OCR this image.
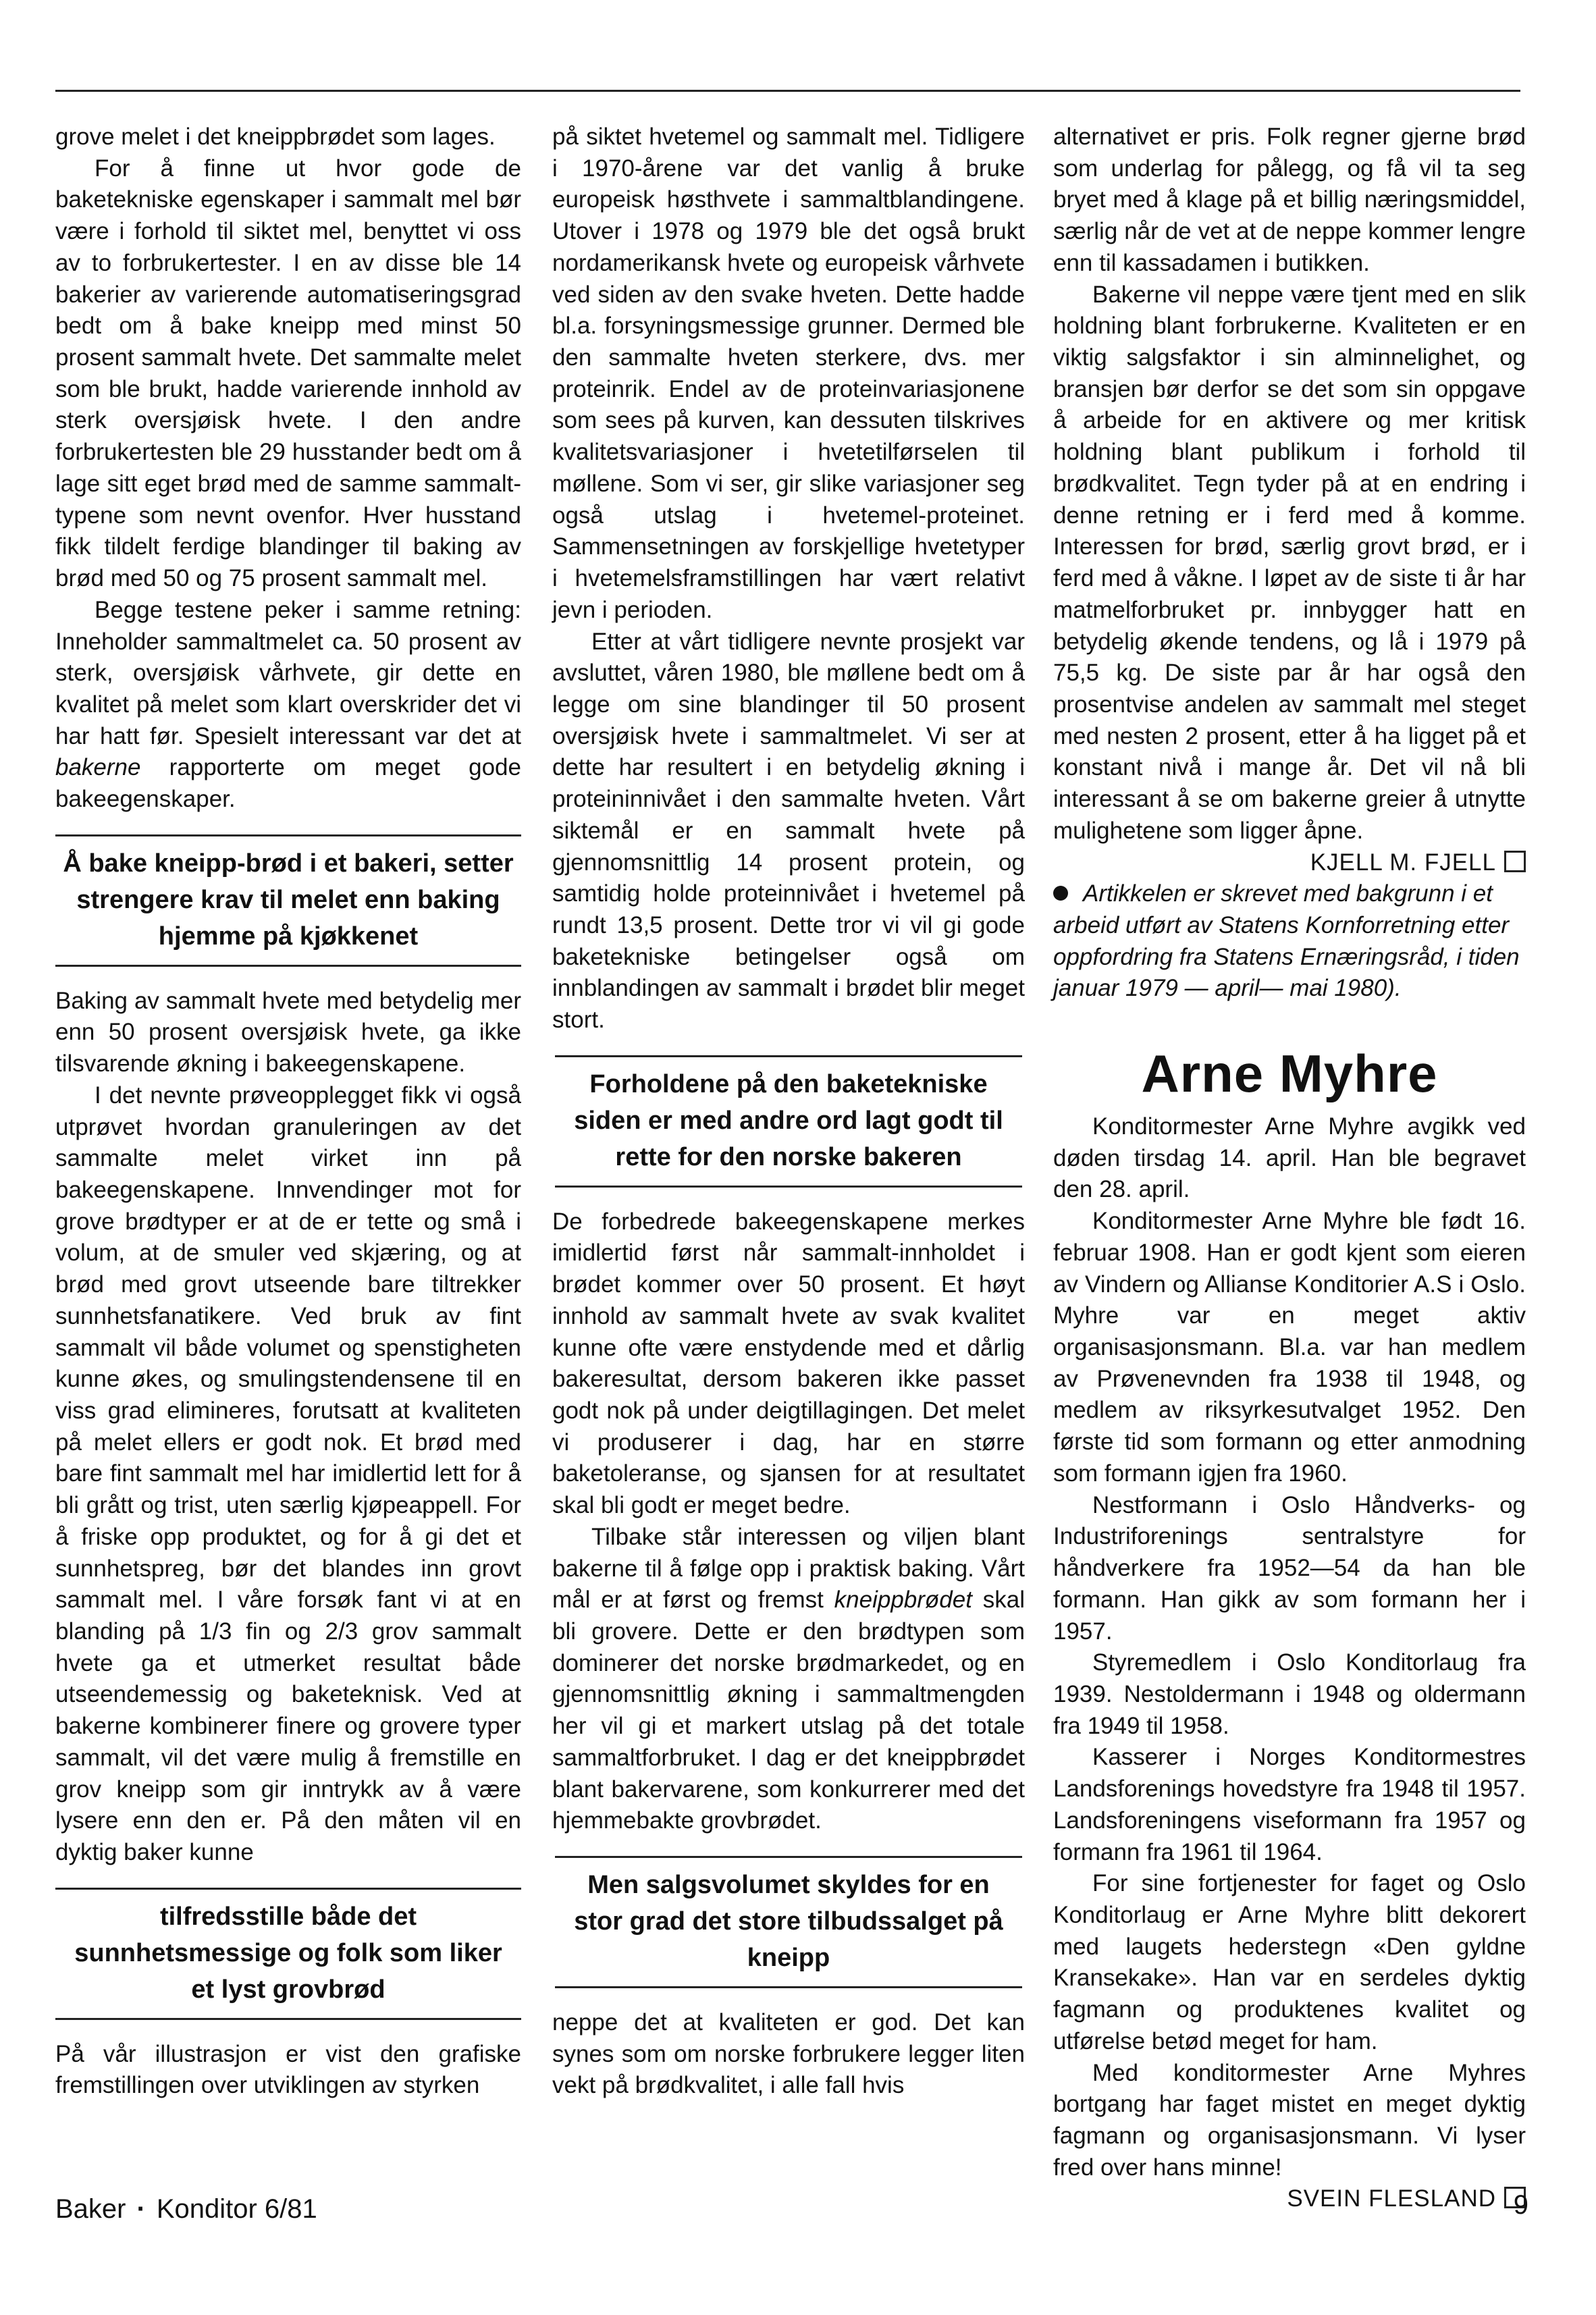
grove melet i det kneippbrødet som lages.

For å finne ut hvor gode de baketekniske egenskaper i sammalt mel bør være i forhold til siktet mel, benyttet vi oss av to forbrukertester. I en av disse ble 14 bakerier av varierende automatiseringsgrad bedt om å bake kneipp med minst 50 prosent sammalt hvete. Det sammalte melet som ble brukt, hadde varierende innhold av sterk oversjøisk hvete. I den andre forbrukertesten ble 29 husstander bedt om å lage sitt eget brød med de samme sammalt-typene som nevnt ovenfor. Hver husstand fikk tildelt ferdige blandinger til baking av brød med 50 og 75 prosent sammalt mel.

Begge testene peker i samme retning: Inneholder sammaltmelet ca. 50 prosent av sterk, oversjøisk vårhvete, gir dette en kvalitet på melet som klart overskrider det vi har hatt før. Spesielt interessant var det at bakerne rapporterte om meget gode bakeegenskaper.

Å bake kneipp-brød i et bakeri, setter strengere krav til melet enn baking hjemme på kjøkkenet

Baking av sammalt hvete med betydelig mer enn 50 prosent oversjøisk hvete, ga ikke tilsvarende økning i bakeegenskapene.

I det nevnte prøveopplegget fikk vi også utprøvet hvordan granuleringen av det sammalte melet virket inn på bakeegenskapene. Innvendinger mot for grove brødtyper er at de er tette og små i volum, at de smuler ved skjæring, og at brød med grovt utseende bare tiltrekker sunnhetsfanatikere. Ved bruk av fint sammalt vil både volumet og spenstigheten kunne økes, og smulingstendensene til en viss grad elimineres, forutsatt at kvaliteten på melet ellers er godt nok. Et brød med bare fint sammalt mel har imidlertid lett for å bli grått og trist, uten særlig kjøpeappell. For å friske opp produktet, og for å gi det et sunnhetspreg, bør det blandes inn grovt sammalt mel. I våre forsøk fant vi at en blanding på 1/3 fin og 2/3 grov sammalt hvete ga et utmerket resultat både utseendemessig og baketeknisk. Ved at bakerne kombinerer finere og grovere typer sammalt, vil det være mulig å fremstille en grov kneipp som gir inntrykk av å være lysere enn den er. På den måten vil en dyktig baker kunne

tilfredsstille både det sunnhetsmessige og folk som liker et lyst grovbrød

På vår illustrasjon er vist den grafiske fremstillingen over utviklingen av styrken

på siktet hvetemel og sammalt mel. Tidligere i 1970-årene var det vanlig å bruke europeisk høsthvete i sammaltblandingene. Utover i 1978 og 1979 ble det også brukt nordamerikansk hvete og europeisk vårhvete ved siden av den svake hveten. Dette hadde bl.a. forsyningsmessige grunner. Dermed ble den sammalte hveten sterkere, dvs. mer proteinrik. Endel av de proteinvariasjonene som sees på kurven, kan dessuten tilskrives kvalitetsvariasjoner i hvetetilførselen til møllene. Som vi ser, gir slike variasjoner seg også utslag i hvetemel-proteinet. Sammensetningen av forskjellige hvetetyper i hvetemelsframstillingen har vært relativt jevn i perioden.

Etter at vårt tidligere nevnte prosjekt var avsluttet, våren 1980, ble møllene bedt om å legge om sine blandinger til 50 prosent oversjøisk hvete i sammaltmelet. Vi ser at dette har resultert i en betydelig økning i proteininnivået i den sammalte hveten. Vårt siktemål er en sammalt hvete på gjennomsnittlig 14 prosent protein, og samtidig holde proteinnivået i hvetemel på rundt 13,5 prosent. Dette tror vi vil gi gode baketekniske betingelser også om innblandingen av sammalt i brødet blir meget stort.

Forholdene på den baketekniske siden er med andre ord lagt godt til rette for den norske bakeren

De forbedrede bakeegenskapene merkes imidlertid først når sammalt-innholdet i brødet kommer over 50 prosent. Et høyt innhold av sammalt hvete av svak kvalitet kunne ofte være enstydende med et dårlig bakeresultat, dersom bakeren ikke passet godt nok på under deigtillagingen. Det melet vi produserer i dag, har en større baketoleranse, og sjansen for at resultatet skal bli godt er meget bedre.

Tilbake står interessen og viljen blant bakerne til å følge opp i praktisk baking. Vårt mål er at først og fremst kneippbrødet skal bli grovere. Dette er den brødtypen som dominerer det norske brødmarkedet, og en gjennomsnittlig økning i sammaltmengden her vil gi et markert utslag på det totale sammaltforbruket. I dag er det kneippbrødet blant bakervarene, som konkurrerer med det hjemmebakte grovbrødet.

Men salgsvolumet skyldes for en stor grad det store tilbudssalget på kneipp

neppe det at kvaliteten er god. Det kan synes som om norske forbrukere legger liten vekt på brødkvalitet, i alle fall hvis

alternativet er pris. Folk regner gjerne brød som underlag for pålegg, og få vil ta seg bryet med å klage på et billig næringsmiddel, særlig når de vet at de neppe kommer lengre enn til kassadamen i butikken.

Bakerne vil neppe være tjent med en slik holdning blant forbrukerne. Kvaliteten er en viktig salgsfaktor i sin alminnelighet, og bransjen bør derfor se det som sin oppgave å arbeide for en aktivere og mer kritisk holdning blant publikum i forhold til brødkvalitet. Tegn tyder på at en endring i denne retning er i ferd med å komme. Interessen for brød, særlig grovt brød, er i ferd med å våkne. I løpet av de siste ti år har matmelforbruket pr. innbygger hatt en betydelig økende tendens, og lå i 1979 på 75,5 kg. De siste par år har også den prosentvise andelen av sammalt mel steget med nesten 2 prosent, etter å ha ligget på et konstant nivå i mange år. Det vil nå bli interessant å se om bakerne greier å utnytte mulighetene som ligger åpne.

KJELL M. FJELL

Artikkelen er skrevet med bakgrunn i et arbeid utført av Statens Kornforretning etter oppfordring fra Statens Ernæringsråd, i tiden januar 1979 — april— mai 1980).

Arne Myhre

Konditormester Arne Myhre avgikk ved døden tirsdag 14. april. Han ble begravet den 28. april.

Konditormester Arne Myhre ble født 16. februar 1908. Han er godt kjent som eieren av Vindern og Allianse Konditorier A.S i Oslo. Myhre var en meget aktiv organisasjonsmann. Bl.a. var han medlem av Prøvenevnden fra 1938 til 1948, og medlem av riksyrkesutvalget 1952. Den første tid som formann og etter anmodning som formann igjen fra 1960.

Nestformann i Oslo Håndverks- og Industriforenings sentralstyre for håndverkere fra 1952—54 da han ble formann. Han gikk av som formann her i 1957.

Styremedlem i Oslo Konditorlaug fra 1939. Nestoldermann i 1948 og oldermann fra 1949 til 1958.

Kasserer i Norges Konditormestres Landsforenings hovedstyre fra 1948 til 1957. Landsforeningens viseformann fra 1957 og formann fra 1961 til 1964.

For sine fortjenester for faget og Oslo Konditorlaug er Arne Myhre blitt dekorert med laugets hederstegn «Den gyldne Kransekake». Han var en serdeles dyktig fagmann og produktenes kvalitet og utførelse betød meget for ham.

Med konditormester Arne Myhres bortgang har faget mistet en meget dyktig fagmann og organisasjonsmann. Vi lyser fred over hans minne!

SVEIN FLESLAND

Baker · Konditor 6/81	9
